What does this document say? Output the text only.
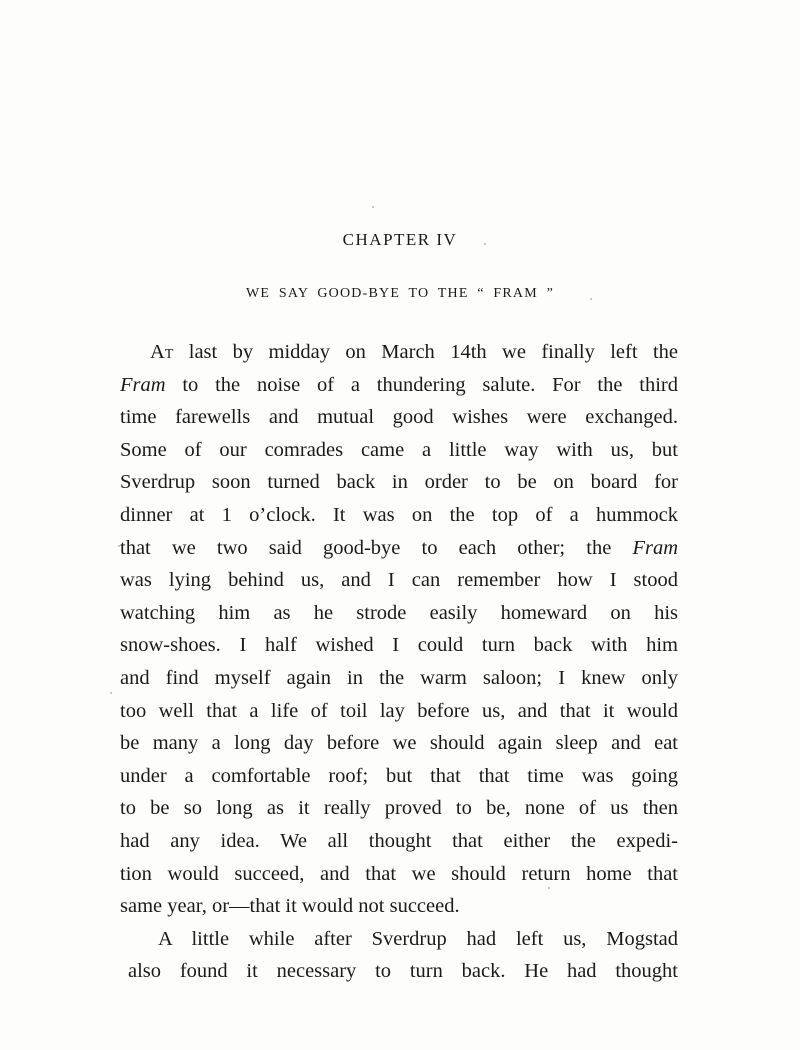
CHAPTER IV
WE SAY GOOD-BYE TO THE “ FRAM ”
At last by midday on March 14th we finally left the
Fram to the noise of a thundering salute. For the third
time farewells and mutual good wishes were exchanged.
Some of our comrades came a little way with us, but
Sverdrup soon turned back in order to be on board for
dinner at 1 o’clock. It was on the top of a hummock
that we two said good-bye to each other; the Fram
was lying behind us, and I can remember how I stood
watching him as he strode easily homeward on his
snow-shoes. I half wished I could turn back with him
and find myself again in the warm saloon; I knew only
too well that a life of toil lay before us, and that it would
be many a long day before we should again sleep and eat
under a comfortable roof; but that that time was going
to be so long as it really proved to be, none of us then
had any idea. We all thought that either the expedi-
tion would succeed, and that we should return home that
same year, or—that it would not succeed.
A little while after Sverdrup had left us, Mogstad
also found it necessary to turn back. He had thought
